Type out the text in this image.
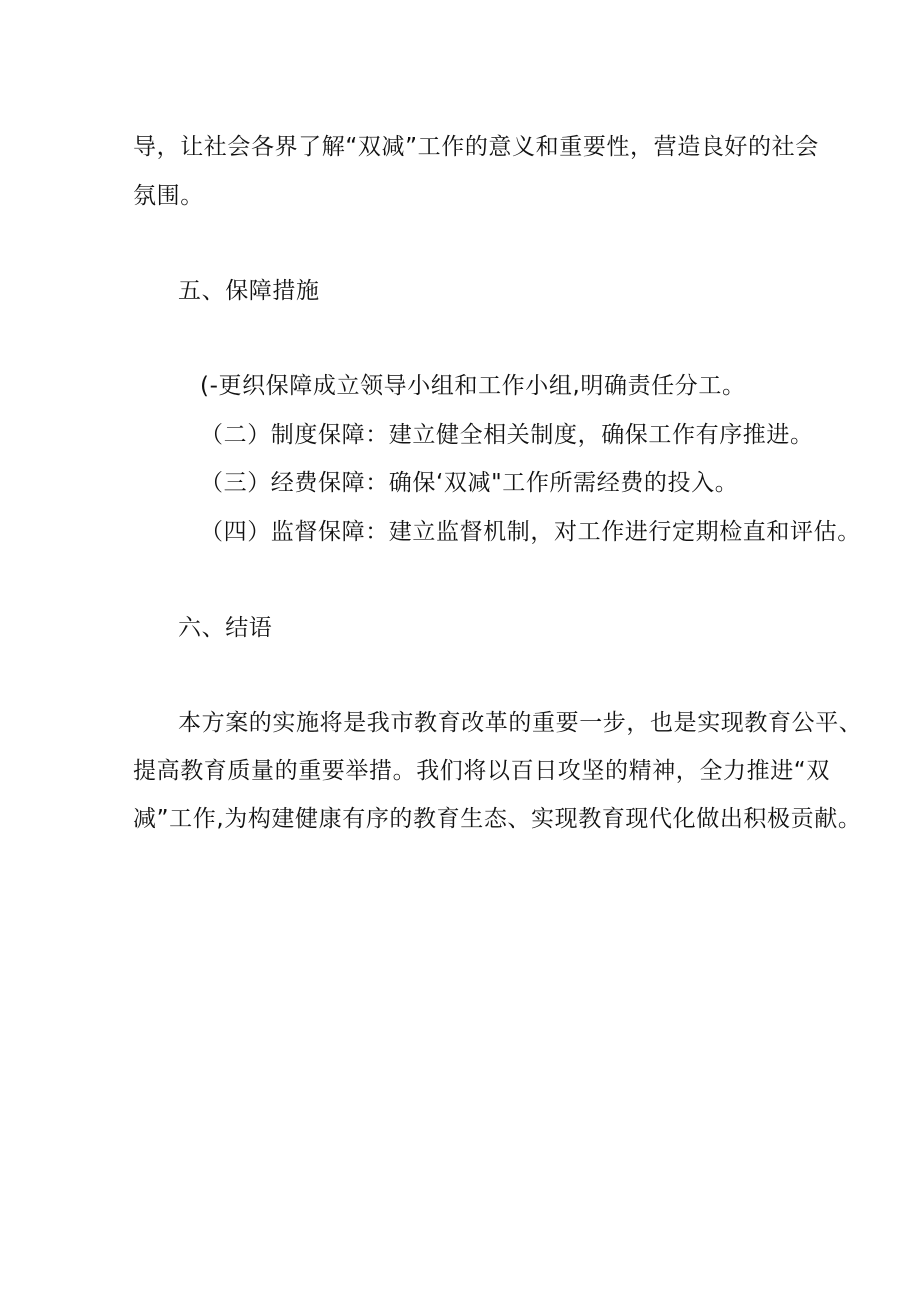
导，让社会各界了解“双减”工作的意义和重要性，营造良好的社会
氛围。
五、保障措施
(-更织保障成立领导小组和工作小组,明确责任分工。
（二）制度保障：建立健全相关制度，确保工作有序推进。
（三）经费保障：确保‘双减"工作所需经费的投入。
（四）监督保障：建立监督机制，对工作进行定期检直和评估。
六、结语
本方案的实施将是我市教育改革的重要一步，也是实现教育公平、
提高教育质量的重要举措。我们将以百日攻坚的精神，全力推进“双
减”工作,为构建健康有序的教育生态、实现教育现代化做出积极贡献。
